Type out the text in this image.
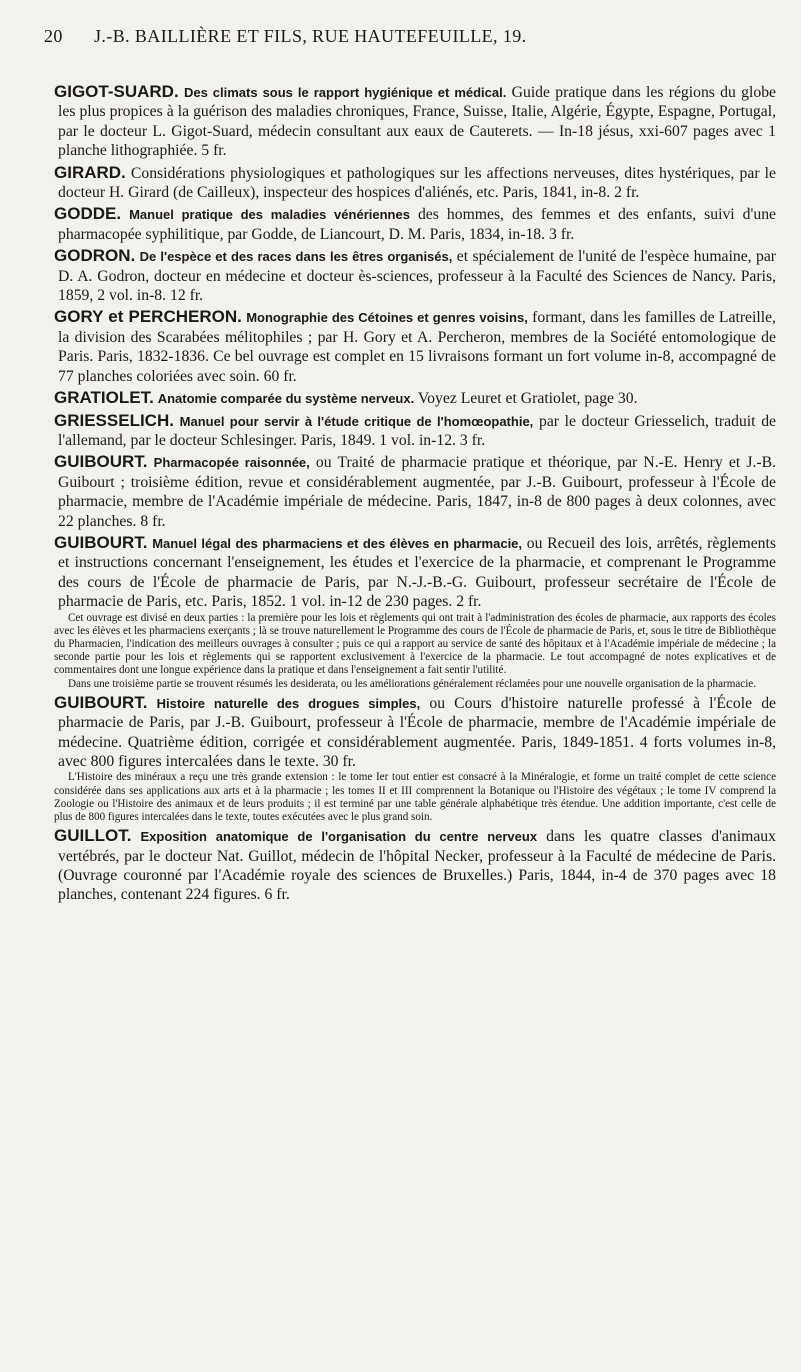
20 J.-B. BAILLIÈRE ET FILS, RUE HAUTEFEUILLE, 19.

GIGOT-SUARD. Des climats sous le rapport hygiénique et médical. Guide pratique dans les régions du globe les plus propices à la guérison des maladies chroniques, France, Suisse, Italie, Algérie, Égypte, Espagne, Portugal, par le docteur L. Gigot-Suard, médecin consultant aux eaux de Cauterets. — In-18 jésus, xxi-607 pages avec 1 planche lithographiée. 5 fr.

GIRARD. Considérations physiologiques et pathologiques sur les affections nerveuses, dites hystériques, par le docteur H. Girard (de Cailleux), inspecteur des hospices d'aliénés, etc. Paris, 1841, in-8. 2 fr.

GODDE. Manuel pratique des maladies vénériennes des hommes, des femmes et des enfants, suivi d'une pharmacopée syphilitique, par Godde, de Liancourt, D. M. Paris, 1834, in-18. 3 fr.

GODRON. De l'espèce et des races dans les êtres organisés, et spécialement de l'unité de l'espèce humaine, par D. A. Godron, docteur en médecine et docteur ès-sciences, professeur à la Faculté des Sciences de Nancy. Paris, 1859, 2 vol. in-8. 12 fr.

GORY et PERCHERON. Monographie des Cétoines et genres voisins, formant, dans les familles de Latreille, la division des Scarabées mélitophiles ; par H. Gory et A. Percheron, membres de la Société entomologique de Paris. Paris, 1832-1836. Ce bel ouvrage est complet en 15 livraisons formant un fort volume in-8, accompagné de 77 planches coloriées avec soin. 60 fr.

GRATIOLET. Anatomie comparée du système nerveux. Voyez Leuret et Gratiolet, page 30.

GRIESSELICH. Manuel pour servir à l'étude critique de l'homœopathie, par le docteur Griesselich, traduit de l'allemand, par le docteur Schlesinger. Paris, 1849. 1 vol. in-12. 3 fr.

GUIBOURT. Pharmacopée raisonnée, ou Traité de pharmacie pratique et théorique, par N.-E. Henry et J.-B. Guibourt ; troisième édition, revue et considérablement augmentée, par J.-B. Guibourt, professeur à l'École de pharmacie, membre de l'Académie impériale de médecine. Paris, 1847, in-8 de 800 pages à deux colonnes, avec 22 planches. 8 fr.

GUIBOURT. Manuel légal des pharmaciens et des élèves en pharmacie, ou Recueil des lois, arrêtés, règlements et instructions concernant l'enseignement, les études et l'exercice de la pharmacie, et comprenant le Programme des cours de l'École de pharmacie de Paris, par N.-J.-B.-G. Guibourt, professeur secrétaire de l'École de pharmacie de Paris, etc. Paris, 1852. 1 vol. in-12 de 230 pages. 2 fr.

Cet ouvrage est divisé en deux parties : la première pour les lois et règlements qui ont trait à l'administration des écoles de pharmacie, aux rapports des écoles avec les élèves et les pharmaciens exerçants ; là se trouve naturellement le Programme des cours de l'École de pharmacie de Paris, et, sous le titre de Bibliothèque du Pharmacien, l'indication des meilleurs ouvrages à consulter ; puis ce qui a rapport au service de santé des hôpitaux et à l'Académie impériale de médecine ; la seconde partie pour les lois et règlements qui se rapportent exclusivement à l'exercice de la pharmacie. Le tout accompagné de notes explicatives et de commentaires dont une longue expérience dans la pratique et dans l'enseignement a fait sentir l'utilité.

Dans une troisième partie se trouvent résumés les desiderata, ou les améliorations généralement réclamées pour une nouvelle organisation de la pharmacie.

GUIBOURT. Histoire naturelle des drogues simples, ou Cours d'histoire naturelle professé à l'École de pharmacie de Paris, par J.-B. Guibourt, professeur à l'École de pharmacie, membre de l'Académie impériale de médecine. Quatrième édition, corrigée et considérablement augmentée. Paris, 1849-1851. 4 forts volumes in-8, avec 800 figures intercalées dans le texte. 30 fr.

L'Histoire des minéraux a reçu une très grande extension : le tome Ier tout entier est consacré à la Minéralogie, et forme un traité complet de cette science considérée dans ses applications aux arts et à la pharmacie ; les tomes II et III comprennent la Botanique ou l'Histoire des végétaux ; le tome IV comprend la Zoologie ou l'Histoire des animaux et de leurs produits ; il est terminé par une table générale alphabétique très étendue. Une addition importante, c'est celle de plus de 800 figures intercalées dans le texte, toutes exécutées avec le plus grand soin.

GUILLOT. Exposition anatomique de l'organisation du centre nerveux dans les quatre classes d'animaux vertébrés, par le docteur Nat. Guillot, médecin de l'hôpital Necker, professeur à la Faculté de médecine de Paris. (Ouvrage couronné par l'Académie royale des sciences de Bruxelles.) Paris, 1844, in-4 de 370 pages avec 18 planches, contenant 224 figures. 6 fr.
